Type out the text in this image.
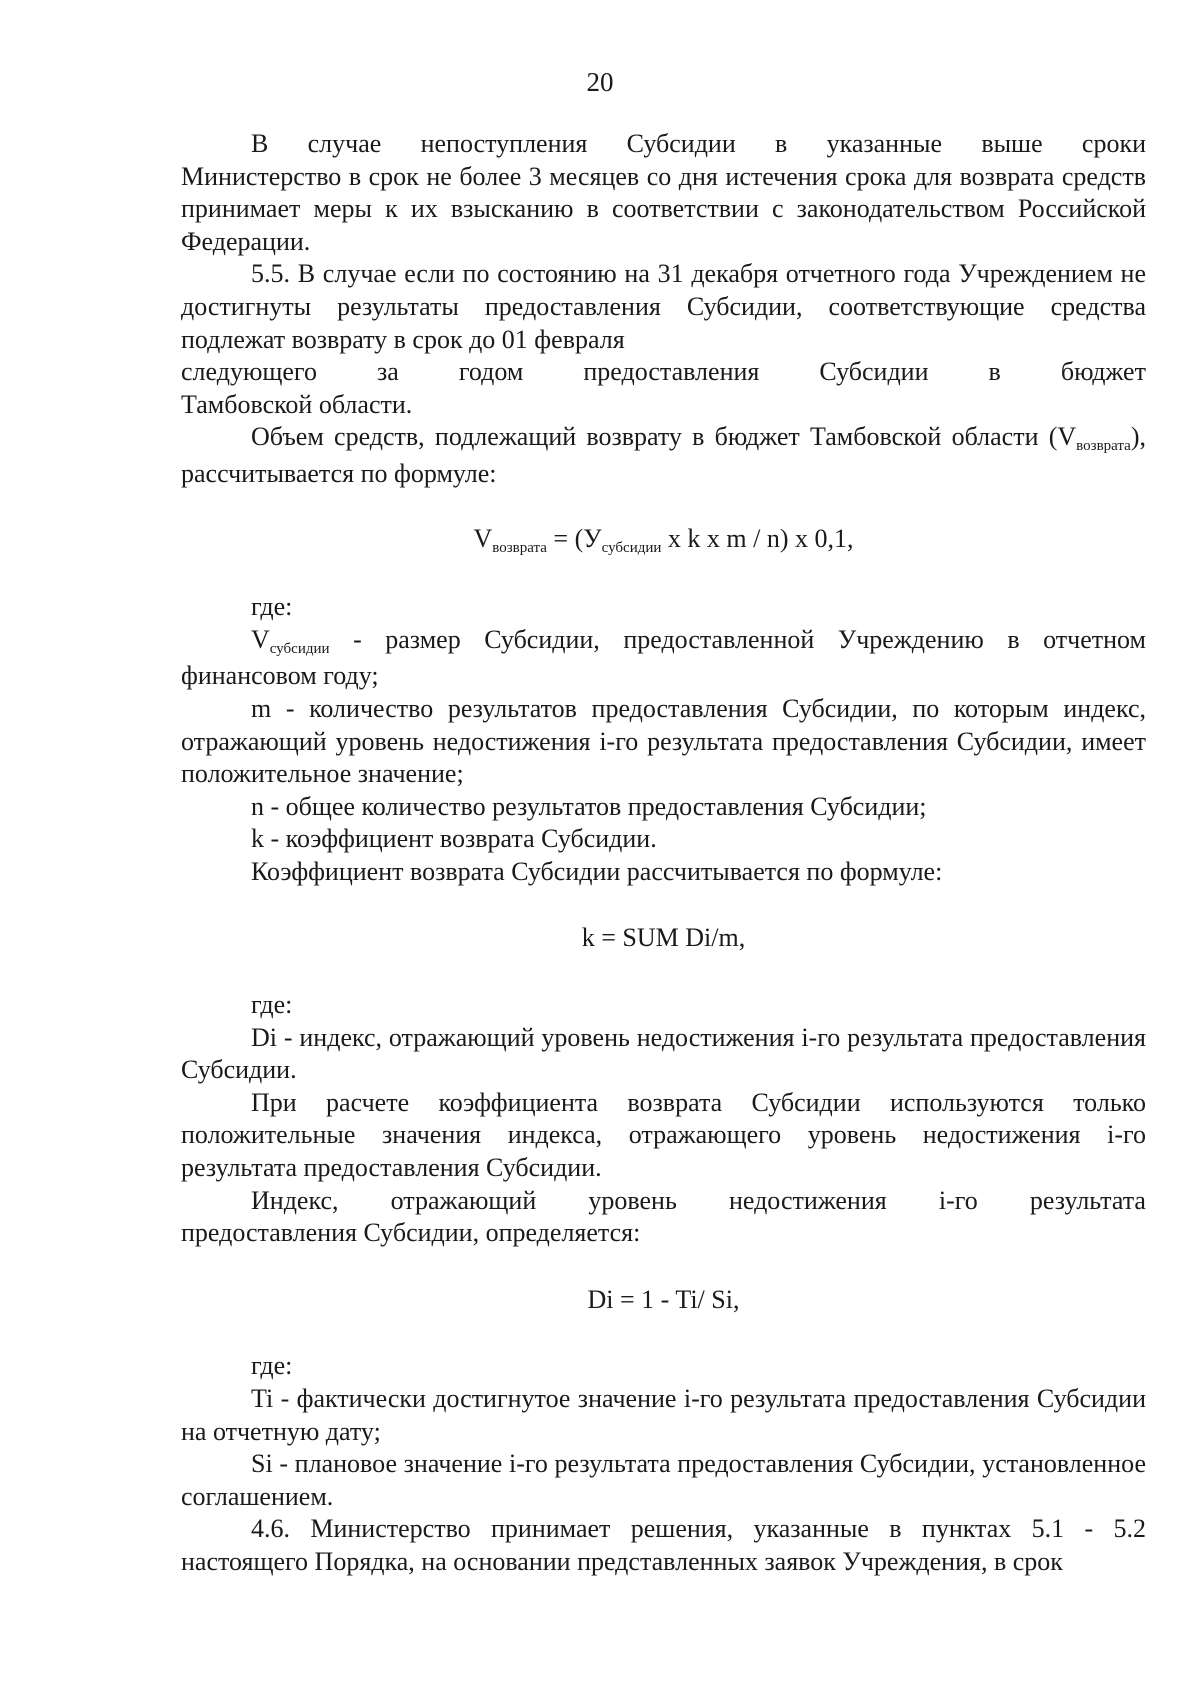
20
В случае непоступления Субсидии в указанные выше сроки

Министерство в срок не более 3 месяцев со дня истечения срока для возврата средств принимает меры к их взысканию в соответствии с законодательством Российской Федерации.

5.5. В случае если по состоянию на 31 декабря отчетного года Учреждением не достигнуты результаты предоставления Субсидии, соответствующие средства подлежат возврату в срок до 01 февраля

следующего за годом предоставления Субсидии в бюджет

Тамбовской области.

Объем средств, подлежащий возврату в бюджет Тамбовской области $(V_{возврата})$, рассчитывается по формуле:

$V_{возврата} = (У_{субсидии}$ x k x m / n) x 0,1,

где:

$V_{субсидии}$ - размер Субсидии, предоставленной Учреждению в отчетном финансовом году;

m - количество результатов предоставления Субсидии, по которым индекс, отражающий уровень недостижения i-го результата предоставления Субсидии, имеет положительное значение;

n - общее количество результатов предоставления Субсидии;

k - коэффициент возврата Субсидии.

Коэффициент возврата Субсидии рассчитывается по формуле:

k = SUM Di/m,

где:

Di - индекс, отражающий уровень недостижения i-го результата предоставления Субсидии.

При расчете коэффициента возврата Субсидии используются только положительные значения индекса, отражающего уровень недостижения i-го результата предоставления Субсидии.

Индекс, отражающий уровень недостижения i-го результата

предоставления Субсидии, определяется:

Di = 1 - Ti/ Si,

где:

Ti - фактически достигнутое значение i-го результата предоставления Субсидии на отчетную дату;

Si - плановое значение i-го результата предоставления Субсидии, установленное соглашением.

4.6. Министерство принимает решения, указанные в пунктах 5.1 - 5.2 настоящего Порядка, на основании представленных заявок Учреждения, в срок
